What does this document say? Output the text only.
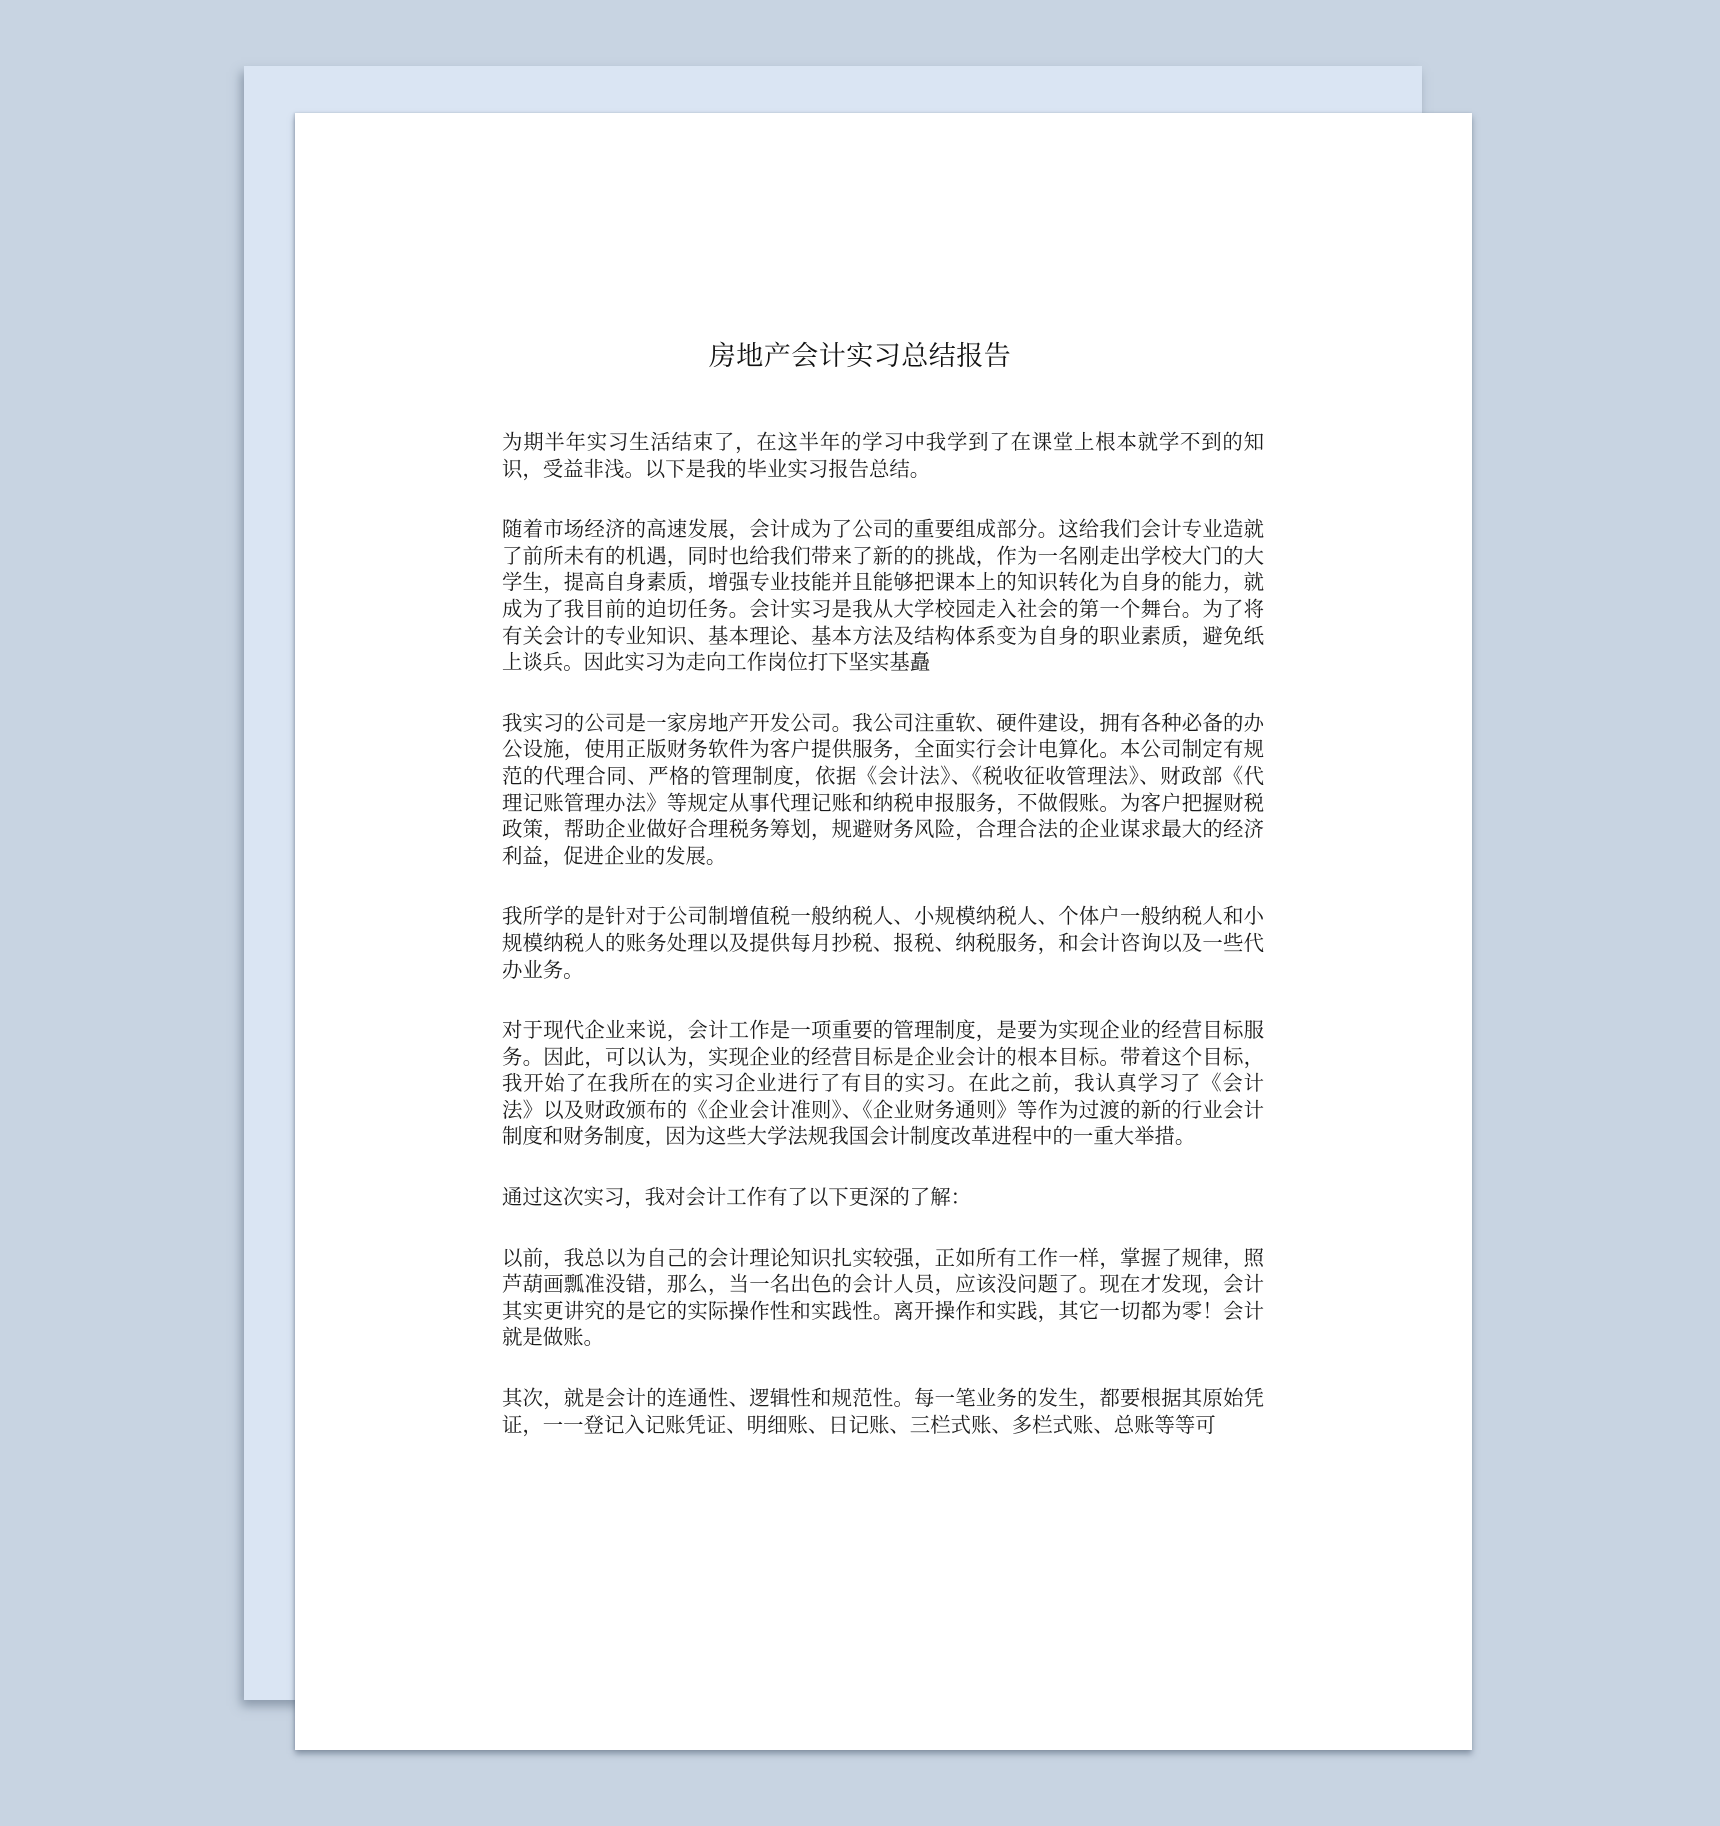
房地产会计实习总结报告

为期半年实习生活结束了，在这半年的学习中我学到了在课堂上根本就学不到的知识，受益非浅。以下是我的毕业实习报告总结。

随着市场经济的高速发展，会计成为了公司的重要组成部分。这给我们会计专业造就了前所未有的机遇，同时也给我们带来了新的的挑战，作为一名刚走出学校大门的大学生，提高自身素质，增强专业技能并且能够把课本上的知识转化为自身的能力，就成为了我目前的迫切任务。会计实习是我从大学校园走入社会的第一个舞台。为了将有关会计的专业知识、基本理论、基本方法及结构体系变为自身的职业素质，避免纸上谈兵。因此实习为走向工作岗位打下坚实基矗

我实习的公司是一家房地产开发公司。我公司注重软、硬件建设，拥有各种必备的办公设施，使用正版财务软件为客户提供服务，全面实行会计电算化。本公司制定有规范的代理合同、严格的管理制度，依据《会计法》、《税收征收管理法》、财政部《代理记账管理办法》等规定从事代理记账和纳税申报服务，不做假账。为客户把握财税政策，帮助企业做好合理税务筹划，规避财务风险，合理合法的企业谋求最大的经济利益，促进企业的发展。

我所学的是针对于公司制增值税一般纳税人、小规模纳税人、个体户一般纳税人和小规模纳税人的账务处理以及提供每月抄税、报税、纳税服务，和会计咨询以及一些代办业务。

对于现代企业来说，会计工作是一项重要的管理制度，是要为实现企业的经营目标服务。因此，可以认为，实现企业的经营目标是企业会计的根本目标。带着这个目标，我开始了在我所在的实习企业进行了有目的实习。在此之前，我认真学习了《会计法》以及财政颁布的《企业会计准则》、《企业财务通则》等作为过渡的新的行业会计制度和财务制度，因为这些大学法规我国会计制度改革进程中的一重大举措。

通过这次实习，我对会计工作有了以下更深的了解：

以前，我总以为自己的会计理论知识扎实较强，正如所有工作一样，掌握了规律，照芦葫画瓢准没错，那么，当一名出色的会计人员，应该没问题了。现在才发现，会计其实更讲究的是它的实际操作性和实践性。离开操作和实践，其它一切都为零！会计就是做账。

其次，就是会计的连通性、逻辑性和规范性。每一笔业务的发生，都要根据其原始凭证，一一登记入记账凭证、明细账、日记账、三栏式账、多栏式账、总账等等可
